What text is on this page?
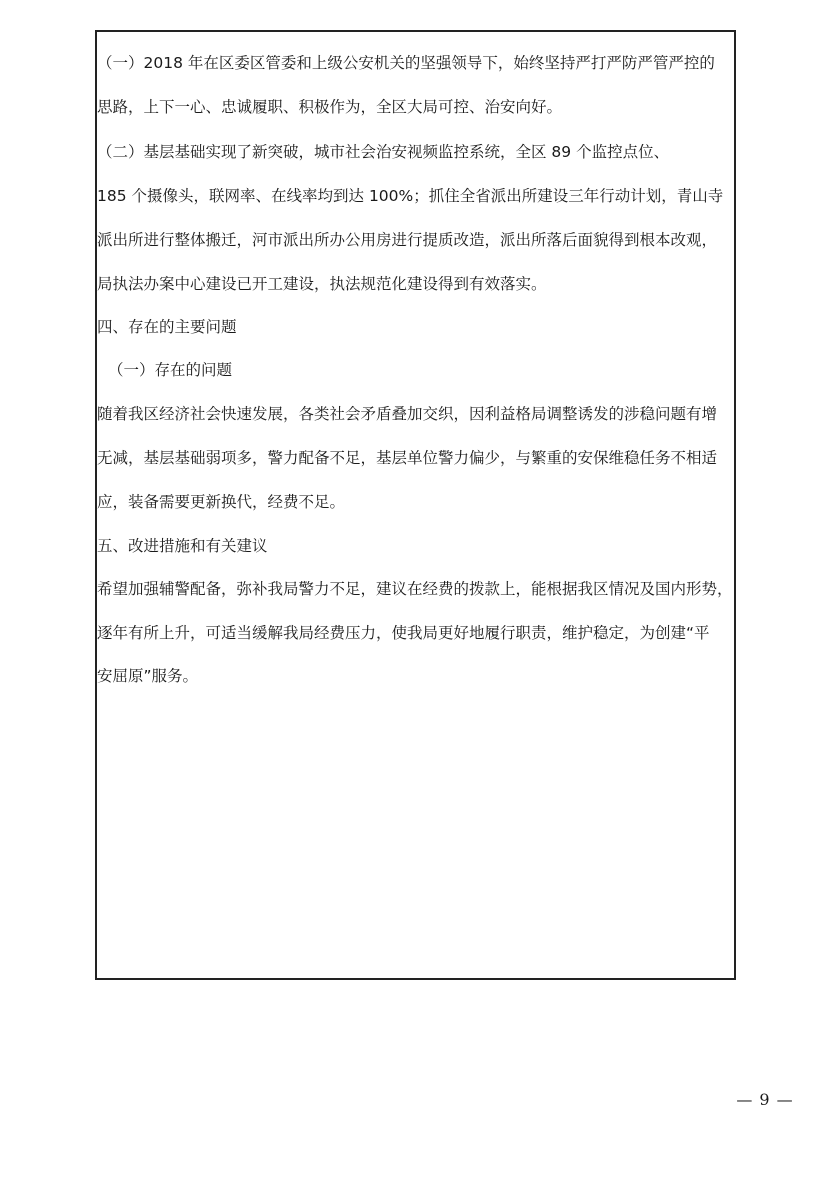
（一）2018 年在区委区管委和上级公安机关的坚强领导下，始终坚持严打严防严管严控的
思路，上下一心、忠诚履职、积极作为，全区大局可控、治安向好。
（二）基层基础实现了新突破，城市社会治安视频监控系统，全区 89 个监控点位、
185 个摄像头，联网率、在线率均到达 100%；抓住全省派出所建设三年行动计划，青山寺
派出所进行整体搬迁，河市派出所办公用房进行提质改造，派出所落后面貌得到根本改观，
局执法办案中心建设已开工建设，执法规范化建设得到有效落实。
四、存在的主要问题
（一）存在的问题
随着我区经济社会快速发展，各类社会矛盾叠加交织，因利益格局调整诱发的涉稳问题有增
无减，基层基础弱项多，警力配备不足，基层单位警力偏少，与繁重的安保维稳任务不相适
应，装备需要更新换代，经费不足。
五、改进措施和有关建议
希望加强辅警配备，弥补我局警力不足，建议在经费的拨款上，能根据我区情况及国内形势，
逐年有所上升，可适当缓解我局经费压力，使我局更好地履行职责，维护稳定，为创建“平
安屈原”服务。
— 9 —
